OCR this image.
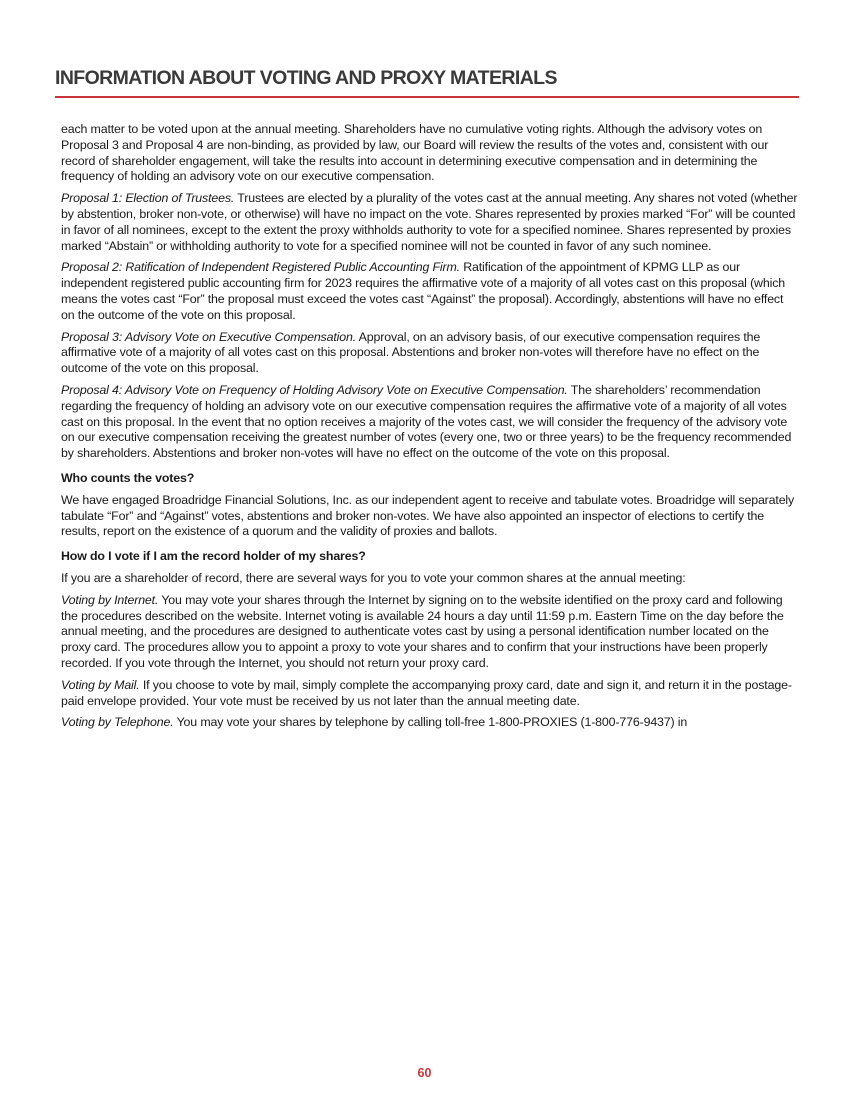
INFORMATION ABOUT VOTING AND PROXY MATERIALS

each matter to be voted upon at the annual meeting. Shareholders have no cumulative voting rights. Although the advisory votes on Proposal 3 and Proposal 4 are non-binding, as provided by law, our Board will review the results of the votes and, consistent with our record of shareholder engagement, will take the results into account in determining executive compensation and in determining the frequency of holding an advisory vote on our executive compensation.

Proposal 1: Election of Trustees. Trustees are elected by a plurality of the votes cast at the annual meeting. Any shares not voted (whether by abstention, broker non-vote, or otherwise) will have no impact on the vote. Shares represented by proxies marked “For” will be counted in favor of all nominees, except to the extent the proxy withholds authority to vote for a specified nominee. Shares represented by proxies marked “Abstain” or withholding authority to vote for a specified nominee will not be counted in favor of any such nominee.

Proposal 2: Ratification of Independent Registered Public Accounting Firm. Ratification of the appointment of KPMG LLP as our independent registered public accounting firm for 2023 requires the affirmative vote of a majority of all votes cast on this proposal (which means the votes cast “For” the proposal must exceed the votes cast “Against” the proposal). Accordingly, abstentions will have no effect on the outcome of the vote on this proposal.

Proposal 3: Advisory Vote on Executive Compensation. Approval, on an advisory basis, of our executive compensation requires the affirmative vote of a majority of all votes cast on this proposal. Abstentions and broker non-votes will therefore have no effect on the outcome of the vote on this proposal.

Proposal 4: Advisory Vote on Frequency of Holding Advisory Vote on Executive Compensation. The shareholders’ recommendation regarding the frequency of holding an advisory vote on our executive compensation requires the affirmative vote of a majority of all votes cast on this proposal. In the event that no option receives a majority of the votes cast, we will consider the frequency of the advisory vote on our executive compensation receiving the greatest number of votes (every one, two or three years) to be the frequency recommended by shareholders. Abstentions and broker non-votes will have no effect on the outcome of the vote on this proposal.

Who counts the votes?

We have engaged Broadridge Financial Solutions, Inc. as our independent agent to receive and tabulate votes. Broadridge will separately tabulate “For” and “Against” votes, abstentions and broker non-votes. We have also appointed an inspector of elections to certify the results, report on the existence of a quorum and the validity of proxies and ballots.

How do I vote if I am the record holder of my shares?

If you are a shareholder of record, there are several ways for you to vote your common shares at the annual meeting:

Voting by Internet. You may vote your shares through the Internet by signing on to the website identified on the proxy card and following the procedures described on the website. Internet voting is available 24 hours a day until 11:59 p.m. Eastern Time on the day before the annual meeting, and the procedures are designed to authenticate votes cast by using a personal identification number located on the proxy card. The procedures allow you to appoint a proxy to vote your shares and to confirm that your instructions have been properly recorded. If you vote through the Internet, you should not return your proxy card.

Voting by Mail. If you choose to vote by mail, simply complete the accompanying proxy card, date and sign it, and return it in the postage-paid envelope provided. Your vote must be received by us not later than the annual meeting date.

Voting by Telephone. You may vote your shares by telephone by calling toll-free 1-800-PROXIES (1-800-776-9437) in

60
